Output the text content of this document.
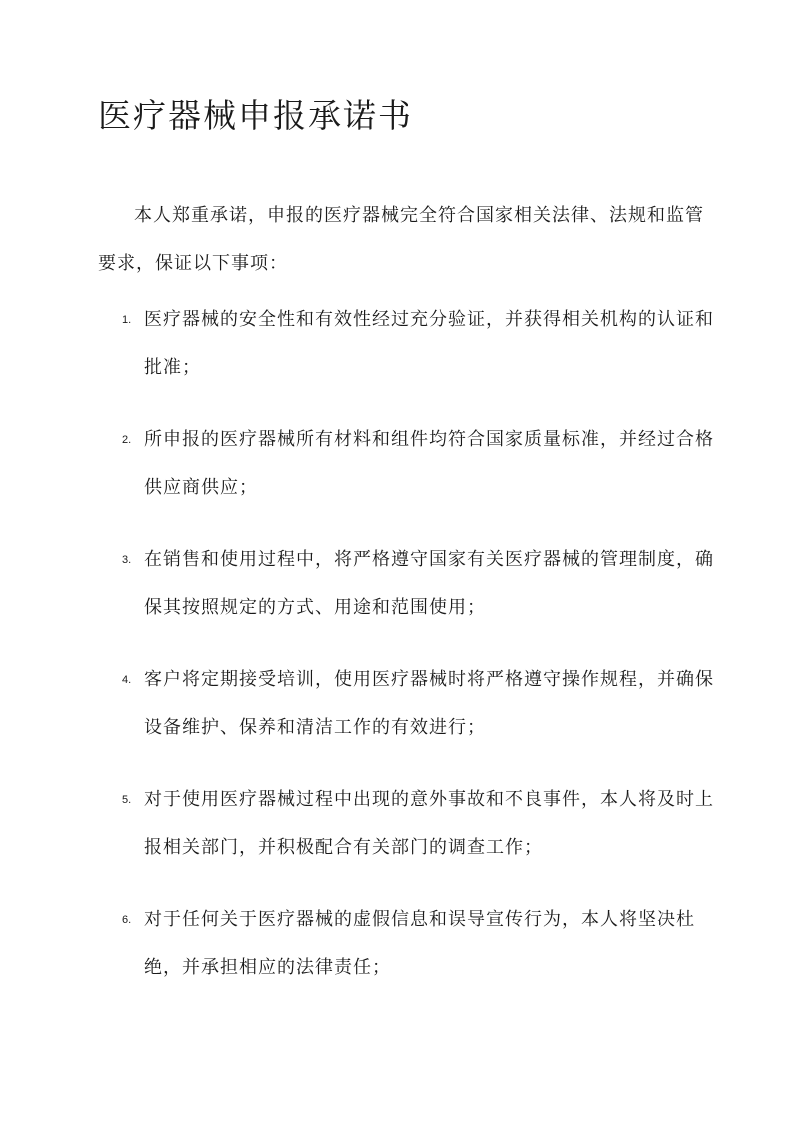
医疗器械申报承诺书

本人郑重承诺，申报的医疗器械完全符合国家相关法律、法规和监管要求，保证以下事项：

1. 医疗器械的安全性和有效性经过充分验证，并获得相关机构的认证和批准；
2. 所申报的医疗器械所有材料和组件均符合国家质量标准，并经过合格供应商供应；
3. 在销售和使用过程中，将严格遵守国家有关医疗器械的管理制度，确保其按照规定的方式、用途和范围使用；
4. 客户将定期接受培训，使用医疗器械时将严格遵守操作规程，并确保设备维护、保养和清洁工作的有效进行；
5. 对于使用医疗器械过程中出现的意外事故和不良事件，本人将及时上报相关部门，并积极配合有关部门的调查工作；
6. 对于任何关于医疗器械的虚假信息和误导宣传行为，本人将坚决杜绝，并承担相应的法律责任；
